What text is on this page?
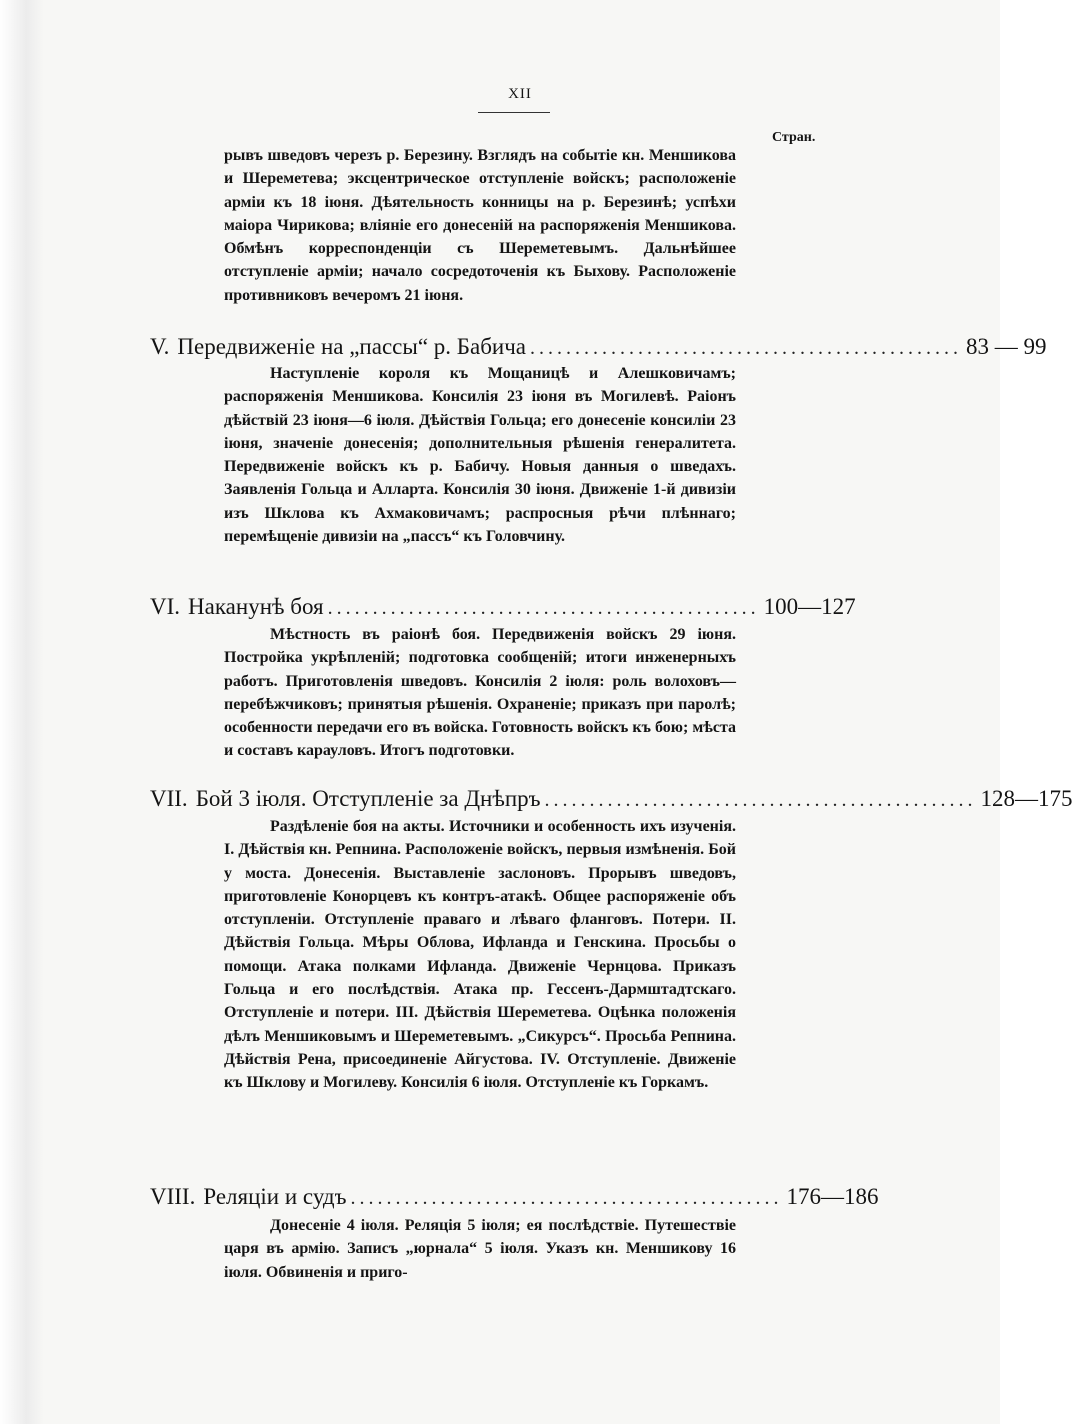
XII
Стран.
рывъ шведовъ черезъ р. Березину. Взглядъ на событіе кн. Меншикова и Шереметева; эксцентрическое отступленіе войскъ; расположеніе арміи къ 18 іюня. Дѣятельность конницы на р. Березинѣ; успѣхи маіора Чирикова; вліяніе его донесеній на распоряженія Меншикова. Обмѣнъ корреспонденціи съ Шереметевымъ. Дальнѣйшее отступленіе арміи; начало сосредоточенія къ Быхову. Расположеніе противниковъ вечеромъ 21 іюня.
V. Передвиженіе на „пассы“ р. Бабича ................................................ 83 — 99
Наступленіе короля къ Мощаницѣ и Алешковичамъ; распоряженія Меншикова. Консилія 23 іюня въ Могилевѣ. Раіонъ дѣйствій 23 іюня—6 іюля. Дѣйствія Гольца; его донесеніе консиліи 23 іюня, значеніе донесенія; дополнительныя рѣшенія генералитета. Передвиженіе войскъ къ р. Бабичу. Новыя данныя о шведахъ. Заявленія Гольца и Алларта. Консилія 30 іюня. Движеніе 1-й дивизіи изъ Шклова къ Ахмаковичамъ; распросныя рѣчи плѣннаго; перемѣщеніе дивизіи на „пассъ“ къ Головчину.
VI. Наканунѣ боя ................................................ 100—127
Мѣстность въ раіонѣ боя. Передвиженія войскъ 29 іюня. Постройка укрѣпленій; подготовка сообщеній; итоги инженерныхъ работъ. Приготовленія шведовъ. Консилія 2 іюля: роль волоховъ—перебѣжчиковъ; принятыя рѣшенія. Охраненіе; приказъ при паролѣ; особенности передачи его въ войска. Готовность войскъ къ бою; мѣста и составъ карауловъ. Итогъ подготовки.
VII. Бой 3 іюля. Отступленіе за Днѣпръ ................................................ 128—175
Раздѣленіе боя на акты. Источники и особенность ихъ изученія. I. Дѣйствія кн. Репнина. Расположеніе войскъ, первыя измѣненія. Бой у моста. Донесенія. Выставленіе заслоновъ. Прорывъ шведовъ, приготовленіе Конорцевъ къ контръ-атакѣ. Общее распоряженіе объ отступленіи. Отступленіе праваго и лѣваго фланговъ. Потери. II. Дѣйствія Гольца. Мѣры Облова, Ифланда и Генскина. Просьбы о помощи. Атака полками Ифланда. Движеніе Чернцова. Приказъ Гольца и его послѣдствія. Атака пр. Гессенъ-Дармштадтскаго. Отступленіе и потери. III. Дѣйствія Шереметева. Оцѣнка положенія дѣлъ Меншиковымъ и Шереметевымъ. „Сикурсъ“. Просьба Репнина. Дѣйствія Рена, присоединеніе Айгустова. IV. Отступленіе. Движеніе къ Шклову и Могилеву. Консилія 6 іюля. Отступленіе къ Горкамъ.
VIII. Реляціи и судъ ................................................ 176—186
Донесеніе 4 іюля. Реляція 5 іюля; ея послѣдствіе. Путешествіе царя въ армію. Записъ „юрнала“ 5 іюля. Указъ кн. Меншикову 16 іюля. Обвиненія и приго-
